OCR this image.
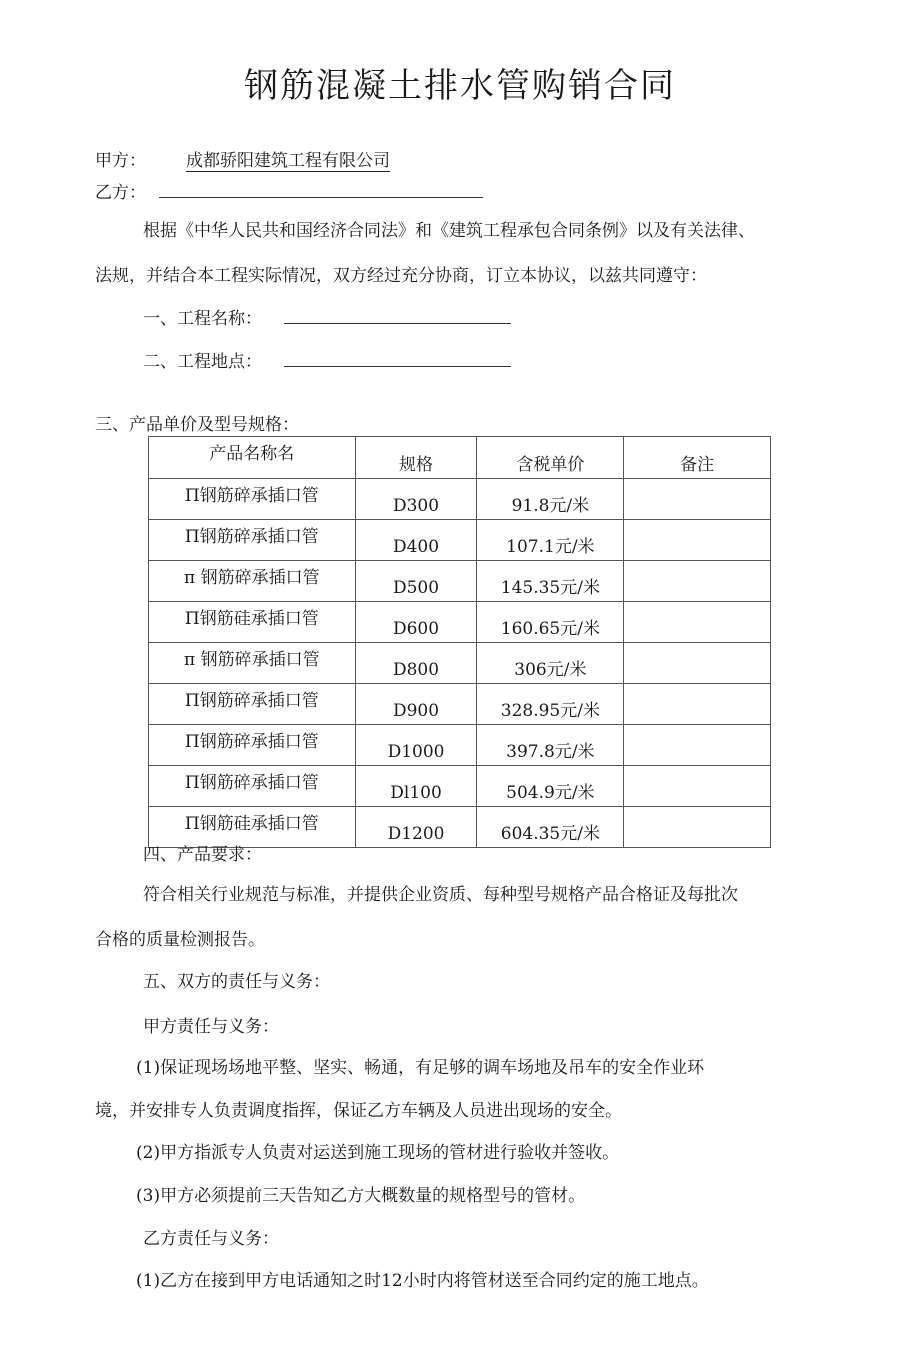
钢筋混凝土排水管购销合同
甲方： 成都骄阳建筑工程有限公司
乙方：
根据《中华人民共和国经济合同法》和《建筑工程承包合同条例》以及有关法律、
法规，并结合本工程实际情况，双方经过充分协商，订立本协议，以兹共同遵守：
一、工程名称：
二、工程地点：
三、产品单价及型号规格：
产品名称名	规格	含税单价	备注
Π钢筋碎承插口管	D300	91.8元/米	
Π钢筋碎承插口管	D400	107.1元/米	
π 钢筋碎承插口管	D500	145.35元/米	
Π钢筋硅承插口管	D600	160.65元/米	
π 钢筋碎承插口管	D800	306元/米	
Π钢筋碎承插口管	D900	328.95元/米	
Π钢筋碎承插口管	D1000	397.8元/米	
Π钢筋碎承插口管	Dl100	504.9元/米	
Π钢筋硅承插口管	D1200	604.35元/米	
四、产品要求：
符合相关行业规范与标准，并提供企业资质、每种型号规格产品合格证及每批次
合格的质量检测报告。
五、双方的责任与义务：
甲方责任与义务：
(1)保证现场场地平整、坚实、畅通，有足够的调车场地及吊车的安全作业环
境，并安排专人负责调度指挥，保证乙方车辆及人员进出现场的安全。
(2)甲方指派专人负责对运送到施工现场的管材进行验收并签收。
(3)甲方必须提前三天告知乙方大概数量的规格型号的管材。
乙方责任与义务：
(1)乙方在接到甲方电话通知之时12小时内将管材送至合同约定的施工地点。
